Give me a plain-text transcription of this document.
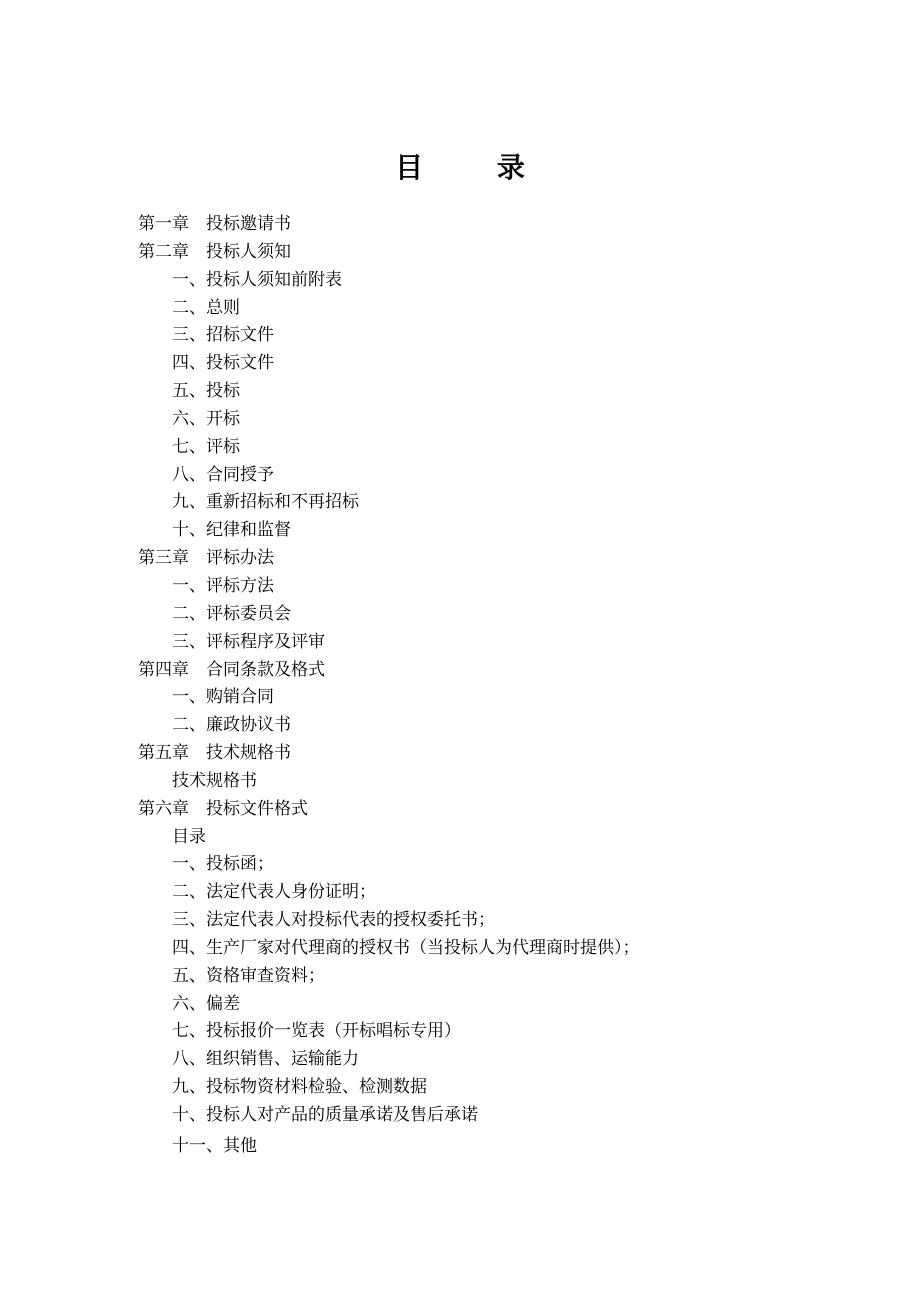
目 录
第一章 投标邀请书
第二章 投标人须知
一、投标人须知前附表
二、总则
三、招标文件
四、投标文件
五、投标
六、开标
七、评标
八、合同授予
九、重新招标和不再招标
十、纪律和监督
第三章 评标办法
一、评标方法
二、评标委员会
三、评标程序及评审
第四章 合同条款及格式
一、购销合同
二、廉政协议书
第五章 技术规格书
技术规格书
第六章 投标文件格式
目录
一、投标函；
二、法定代表人身份证明；
三、法定代表人对投标代表的授权委托书；
四、生产厂家对代理商的授权书（当投标人为代理商时提供）；
五、资格审查资料；
六、偏差
七、投标报价一览表（开标唱标专用）
八、组织销售、运输能力
九、投标物资材料检验、检测数据
十、投标人对产品的质量承诺及售后承诺
十一、其他
